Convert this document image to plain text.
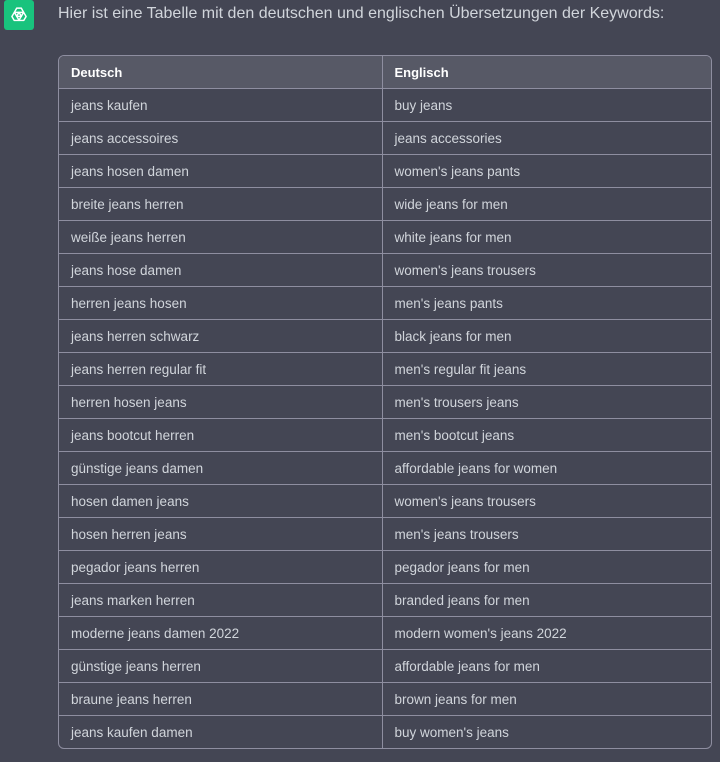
Hier ist eine Tabelle mit den deutschen und englischen Übersetzungen der Keywords:
Deutsch	Englisch
jeans kaufen	buy jeans
jeans accessoires	jeans accessories
jeans hosen damen	women's jeans pants
breite jeans herren	wide jeans for men
weiße jeans herren	white jeans for men
jeans hose damen	women's jeans trousers
herren jeans hosen	men's jeans pants
jeans herren schwarz	black jeans for men
jeans herren regular fit	men's regular fit jeans
herren hosen jeans	men's trousers jeans
jeans bootcut herren	men's bootcut jeans
günstige jeans damen	affordable jeans for women
hosen damen jeans	women's jeans trousers
hosen herren jeans	men's jeans trousers
pegador jeans herren	pegador jeans for men
jeans marken herren	branded jeans for men
moderne jeans damen 2022	modern women's jeans 2022
günstige jeans herren	affordable jeans for men
braune jeans herren	brown jeans for men
jeans kaufen damen	buy women's jeans
